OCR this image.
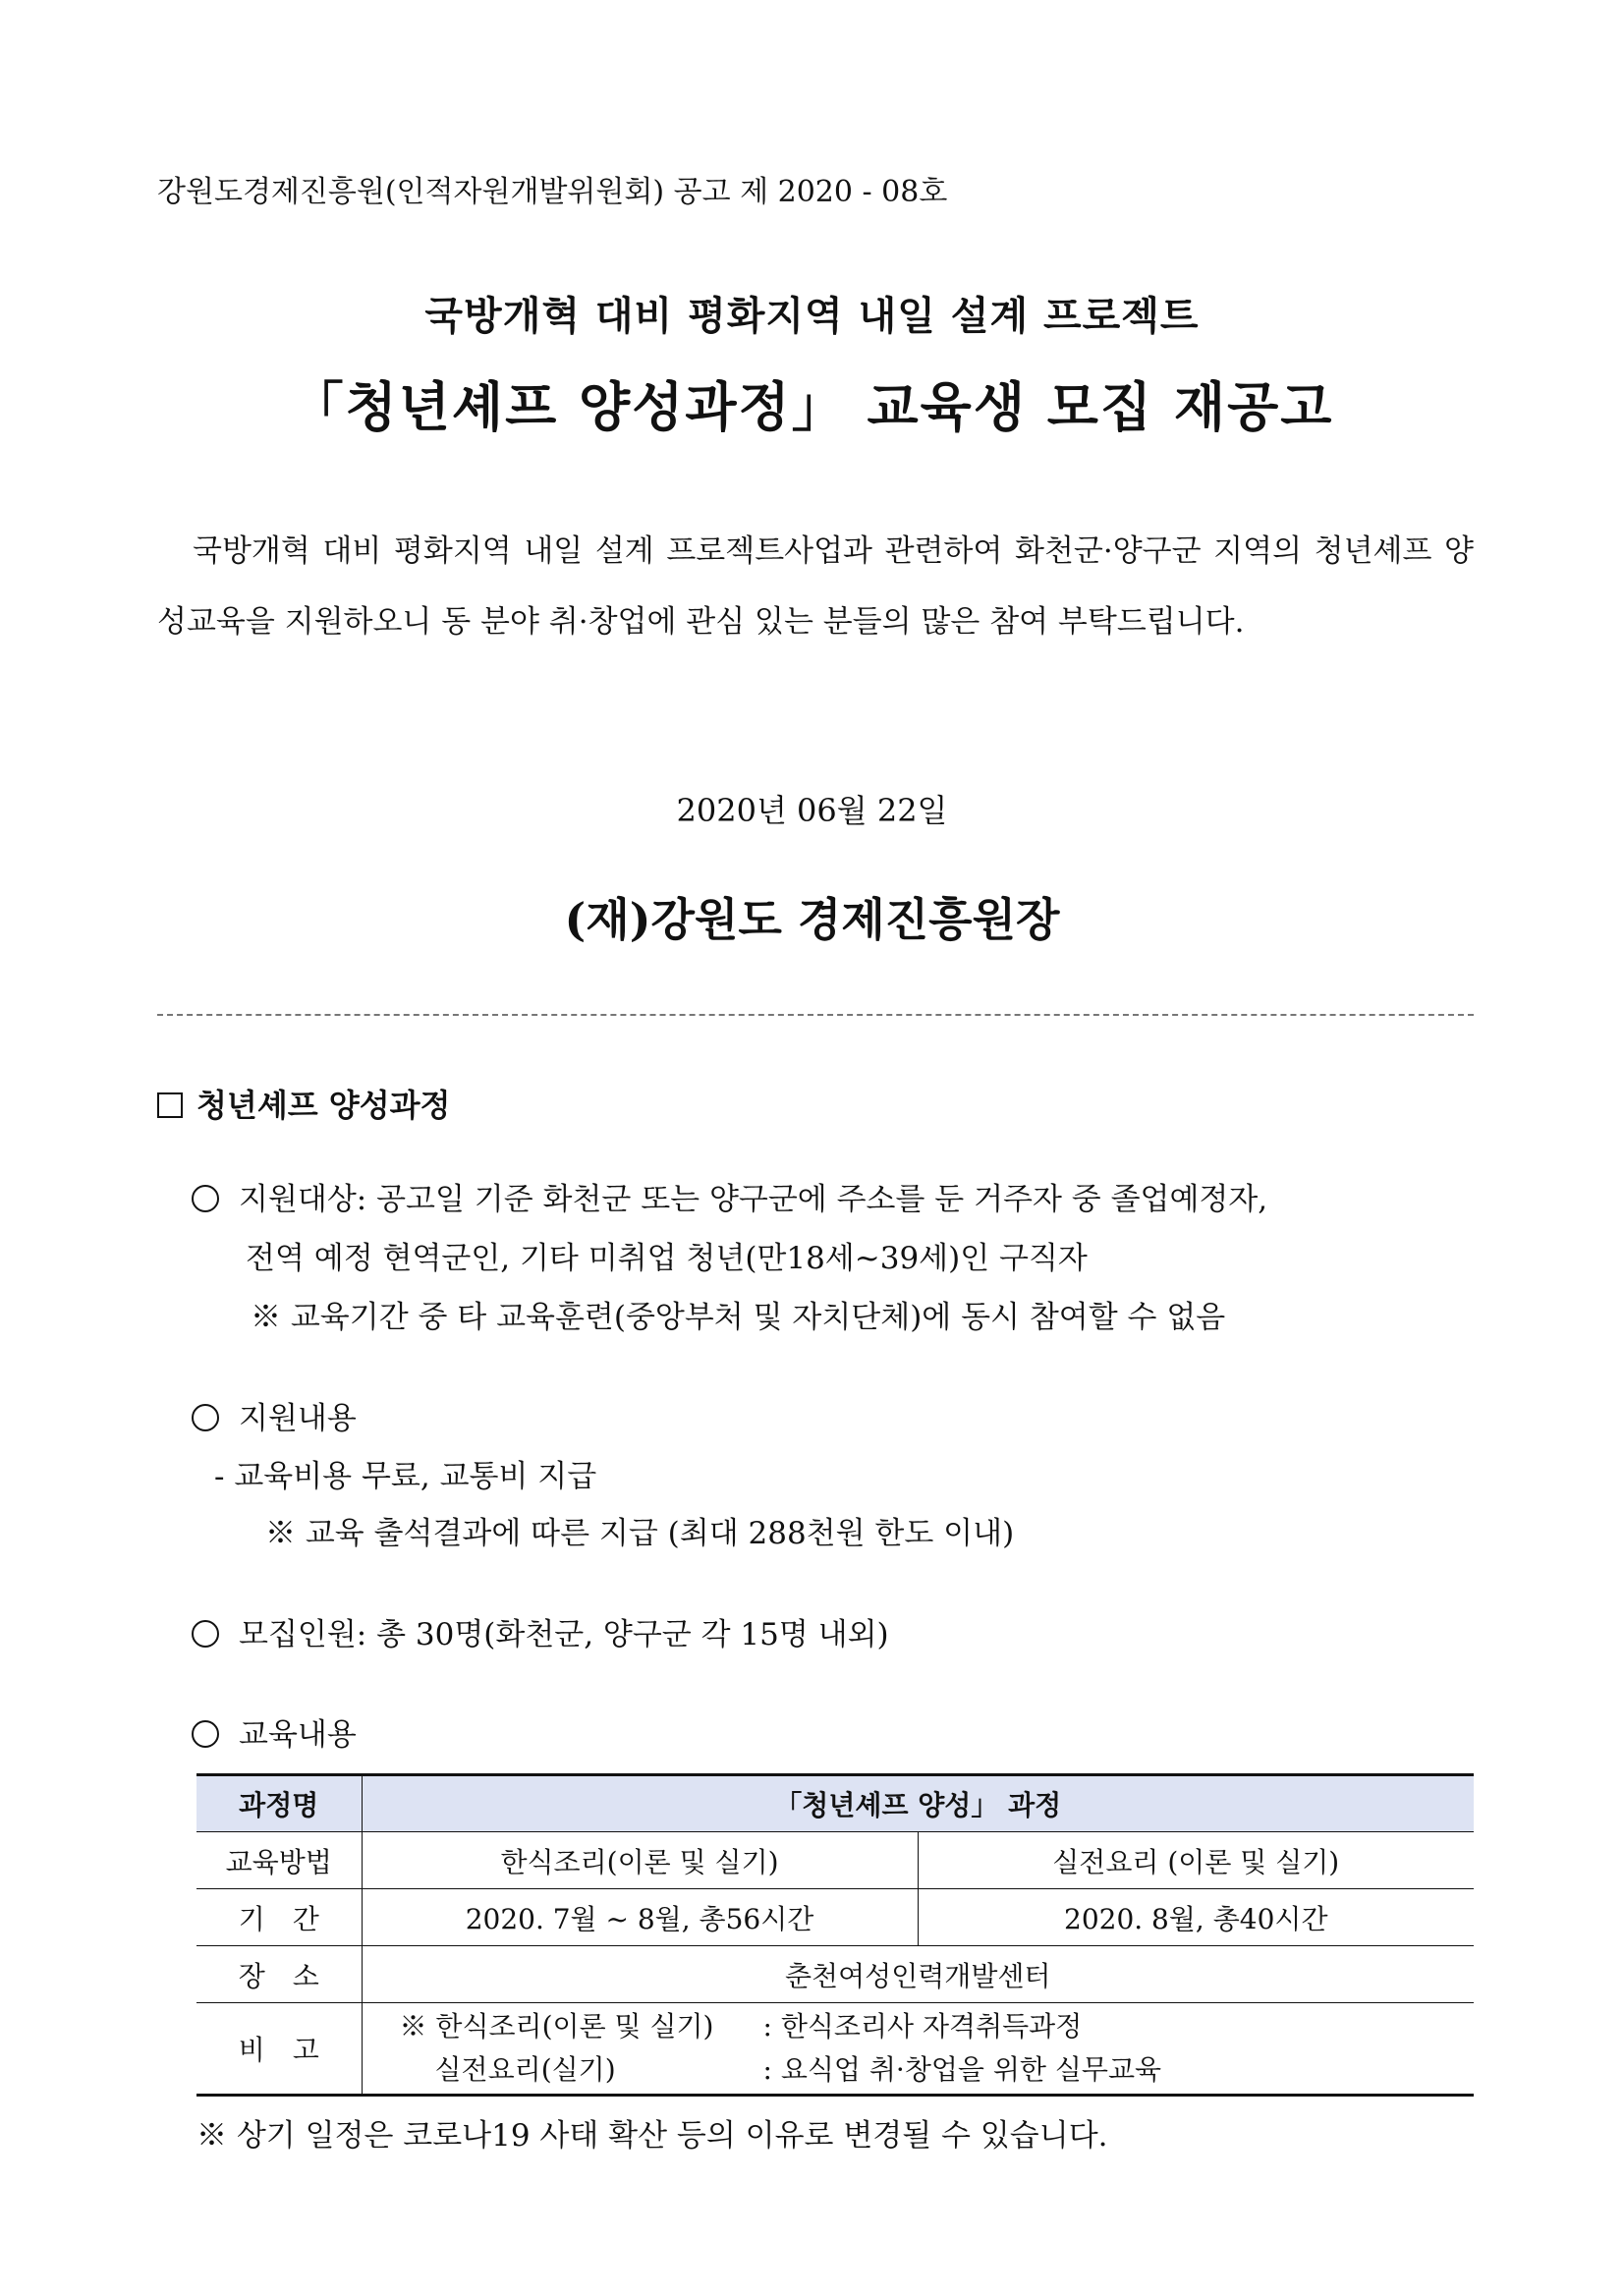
강원도경제진흥원(인적자원개발위원회) 공고 제 2020 - 08호
국방개혁 대비 평화지역 내일 설계 프로젝트
「청년셰프 양성과정」 교육생 모집 재공고
국방개혁 대비 평화지역 내일 설계 프로젝트사업과 관련하여 화천군·양구군 지역의 청년셰프 양성교육을 지원하오니 동 분야 취·창업에 관심 있는 분들의 많은 참여 부탁드립니다.
2020년 06월 22일
(재)강원도 경제진흥원장
청년셰프 양성과정
지원대상: 공고일 기준 화천군 또는 양구군에 주소를 둔 거주자 중 졸업예정자,
전역 예정 현역군인, 기타 미취업 청년(만18세~39세)인 구직자
※ 교육기간 중 타 교육훈련(중앙부처 및 자치단체)에 동시 참여할 수 없음
지원내용
- 교육비용 무료, 교통비 지급
※ 교육 출석결과에 따른 지급 (최대 288천원 한도 이내)
모집인원: 총 30명(화천군, 양구군 각 15명 내외)
교육내용
과정명	「청년셰프 양성」 과정	
교육방법	한식조리(이론 및 실기)	실전요리 (이론 및 실기)
기　간	2020. 7월 ~ 8월, 총56시간	2020. 8월, 총40시간
장　소	춘천여성인력개발센터	
비　고	※ 한식조리(이론 및 실기) : 한식조리사 자격취득과정
실전요리(실기) : 요식업 취·창업을 위한 실무교육	
※ 상기 일정은 코로나19 사태 확산 등의 이유로 변경될 수 있습니다.
